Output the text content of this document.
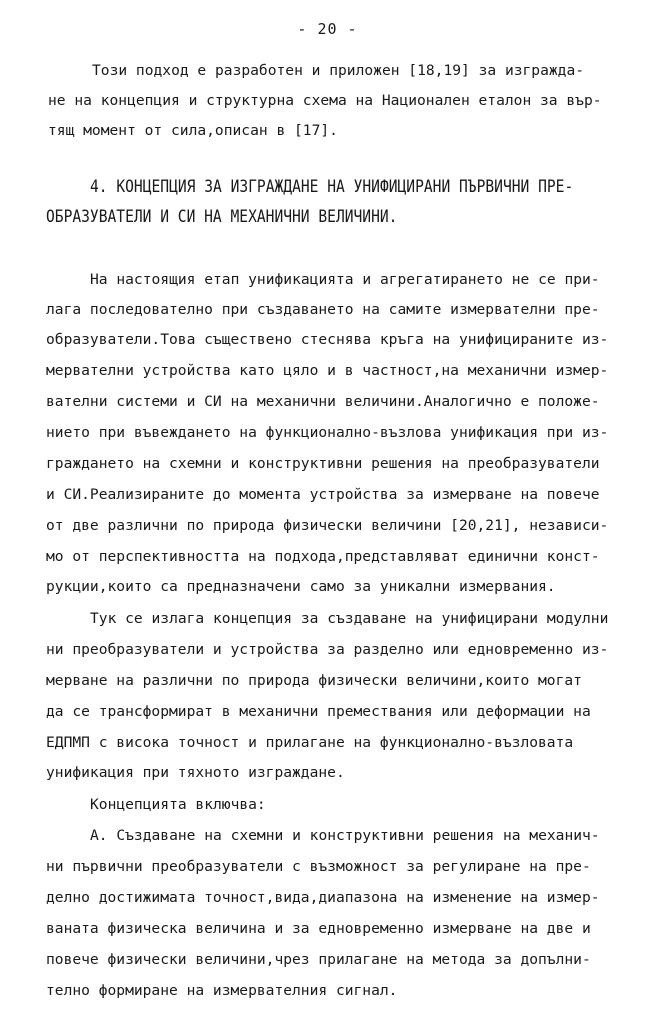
- 20 -
Този подход е разработен и приложен [18,19] за изгражда-
не на концепция и структурна схема на Национален еталон за вър-
тящ момент от сила,описан в [17].
4. КОНЦЕПЦИЯ ЗА ИЗГРАЖДАНЕ НА УНИФИЦИРАНИ ПЪРВИЧНИ ПРЕ-
ОБРАЗУВАТЕЛИ И СИ НА МЕХАНИЧНИ ВЕЛИЧИНИ.
На настоящия етап унификацията и агрегатирането не се при-
лага последователно при създаването на самите измервателни пре-
образуватели.Това съществено стеснява кръга на унифицираните из-
мервателни устройства като цяло и в частност,на механични измер-
вателни системи и СИ на механични величини.Аналогично е положе-
нието при въвеждането на функционално-възлова унификация при из-
граждането на схемни и конструктивни решения на преобразуватели
и СИ.Реализираните до момента устройства за измерване на повече
от две различни по природа физически величини [20,21], независи-
мо от перспективността на подхода,представляват единични конст-
рукции,които са предназначени само за уникални измервания.
Тук се излага концепция за създаване на унифицирани модулни
ни преобразуватели и устройства за разделно или едновременно из-
мерване на различни по природа физически величини,които могат
да се трансформират в механични премествания или деформации на
ЕДПМП с висока точност и прилагане на функционално-възловата
унификация при тяхното изграждане.
Концепцията включва:
А. Създаване на схемни и конструктивни решения на механич-
ни първични преобразуватели с възможност за регулиране на пре-
делно достижимата точност,вида,диапазона на изменение на измер-
ваната физическа величина и за едновременно измерване на две и
повече физически величини,чрез прилагане на метода за допълни-
телно формиране на измервателния сигнал.
